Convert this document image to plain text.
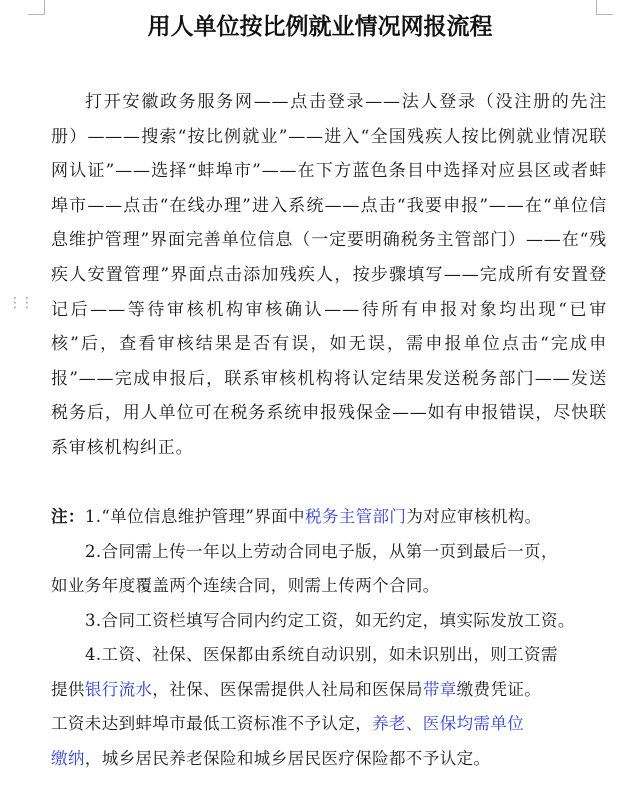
⋮⋮
用人单位按比例就业情况网报流程

打开安徽政务服务网——点击登录——法人登录（没注册的先注册）———搜索“按比例就业”——进入“全国残疾人按比例就业情况联网认证”——选择“蚌埠市”——在下方蓝色条目中选择对应县区或者蚌埠市——点击“在线办理”进入系统——点击“我要申报”——在“单位信息维护管理”界面完善单位信息（一定要明确税务主管部门）——在“残疾人安置管理”界面点击添加残疾人，按步骤填写——完成所有安置登记后——等待审核机构审核确认——待所有申报对象均出现“已审核”后，查看审核结果是否有误，如无误，需申报单位点击“完成申报”——完成申报后，联系审核机构将认定结果发送税务部门——发送税务后，用人单位可在税务系统申报残保金——如有申报错误，尽快联系审核机构纠正。

注：1.“单位信息维护管理”界面中税务主管部门为对应审核机构。
2.合同需上传一年以上劳动合同电子版，从第一页到最后一页，
如业务年度覆盖两个连续合同，则需上传两个合同。
3.合同工资栏填写合同内约定工资，如无约定，填实际发放工资。
4.工资、社保、医保都由系统自动识别，如未识别出，则工资需
提供银行流水，社保、医保需提供人社局和医保局带章缴费凭证。
工资未达到蚌埠市最低工资标准不予认定，养老、医保均需单位
缴纳，城乡居民养老保险和城乡居民医疗保险都不予认定。
